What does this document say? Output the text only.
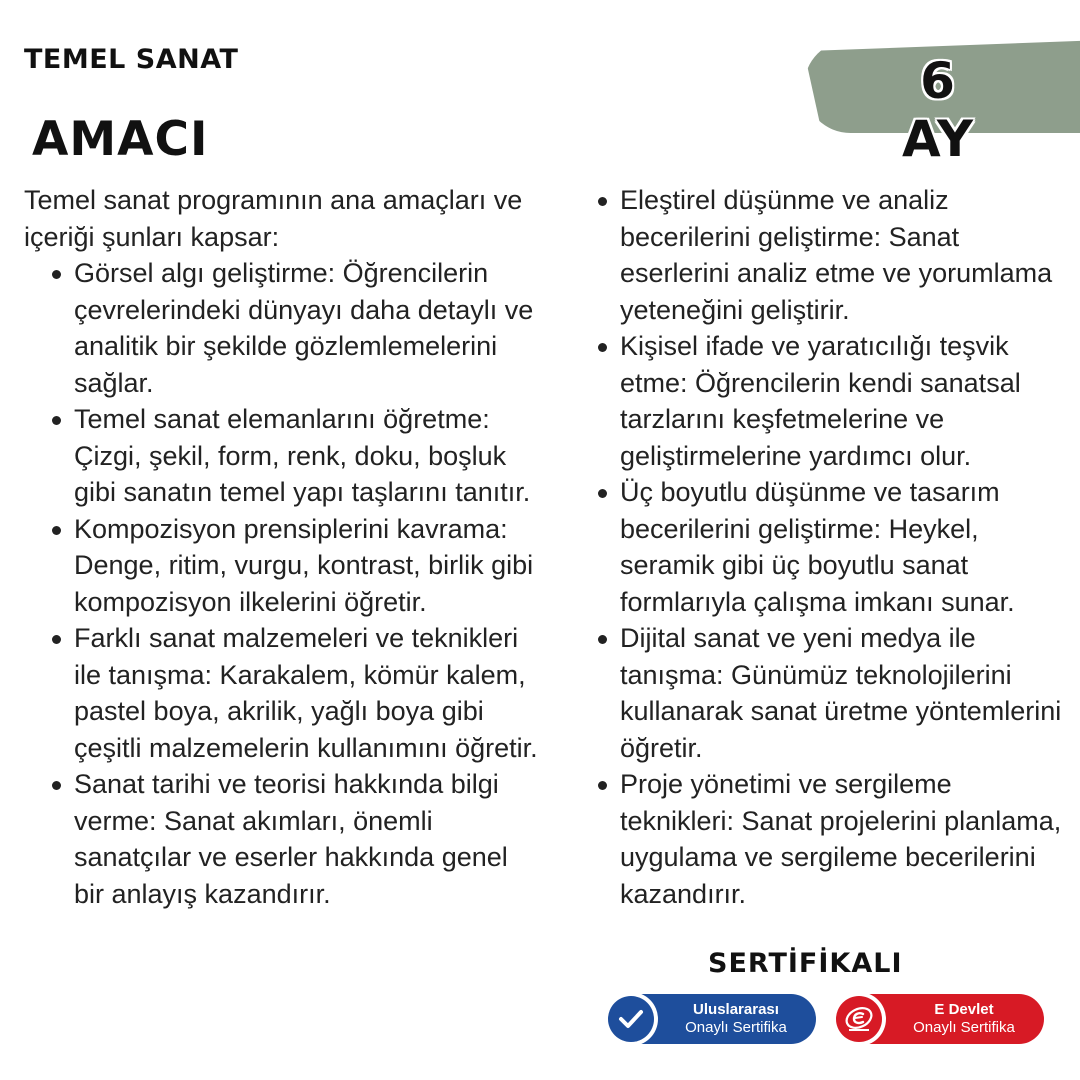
TEMEL SANAT	6 AY
AMACI

Temel sanat programının ana amaçları ve içeriği şunları kapsar:

Görsel algı geliştirme: Öğrencilerin çevrelerindeki dünyayı daha detaylı ve analitik bir şekilde gözlemlemelerini sağlar.
Temel sanat elemanlarını öğretme: Çizgi, şekil, form, renk, doku, boşluk gibi sanatın temel yapı taşlarını tanıtır.
Kompozisyon prensiplerini kavrama: Denge, ritim, vurgu, kontrast, birlik gibi kompozisyon ilkelerini öğretir.
Farklı sanat malzemeleri ve teknikleri ile tanışma: Karakalem, kömür kalem, pastel boya, akrilik, yağlı boya gibi çeşitli malzemelerin kullanımını öğretir.
Sanat tarihi ve teorisi hakkında bilgi verme: Sanat akımları, önemli sanatçılar ve eserler hakkında genel bir anlayış kazandırır.
Eleştirel düşünme ve analiz becerilerini geliştirme: Sanat eserlerini analiz etme ve yorumlama yeteneğini geliştirir.
Kişisel ifade ve yaratıcılığı teşvik etme: Öğrencilerin kendi sanatsal tarzlarını keşfetmelerine ve geliştirmelerine yardımcı olur.
Üç boyutlu düşünme ve tasarım becerilerini geliştirme: Heykel, seramik gibi üç boyutlu sanat formlarıyla çalışma imkanı sunar.
Dijital sanat ve yeni medya ile tanışma: Günümüz teknolojilerini kullanarak sanat üretme yöntemlerini öğretir.
Proje yönetimi ve sergileme teknikleri: Sanat projelerini planlama, uygulama ve sergileme becerilerini kazandırır.
SERTİFİKALI
Uluslararası
Onaylı Sertifika
E Devlet
Onaylı Sertifika
